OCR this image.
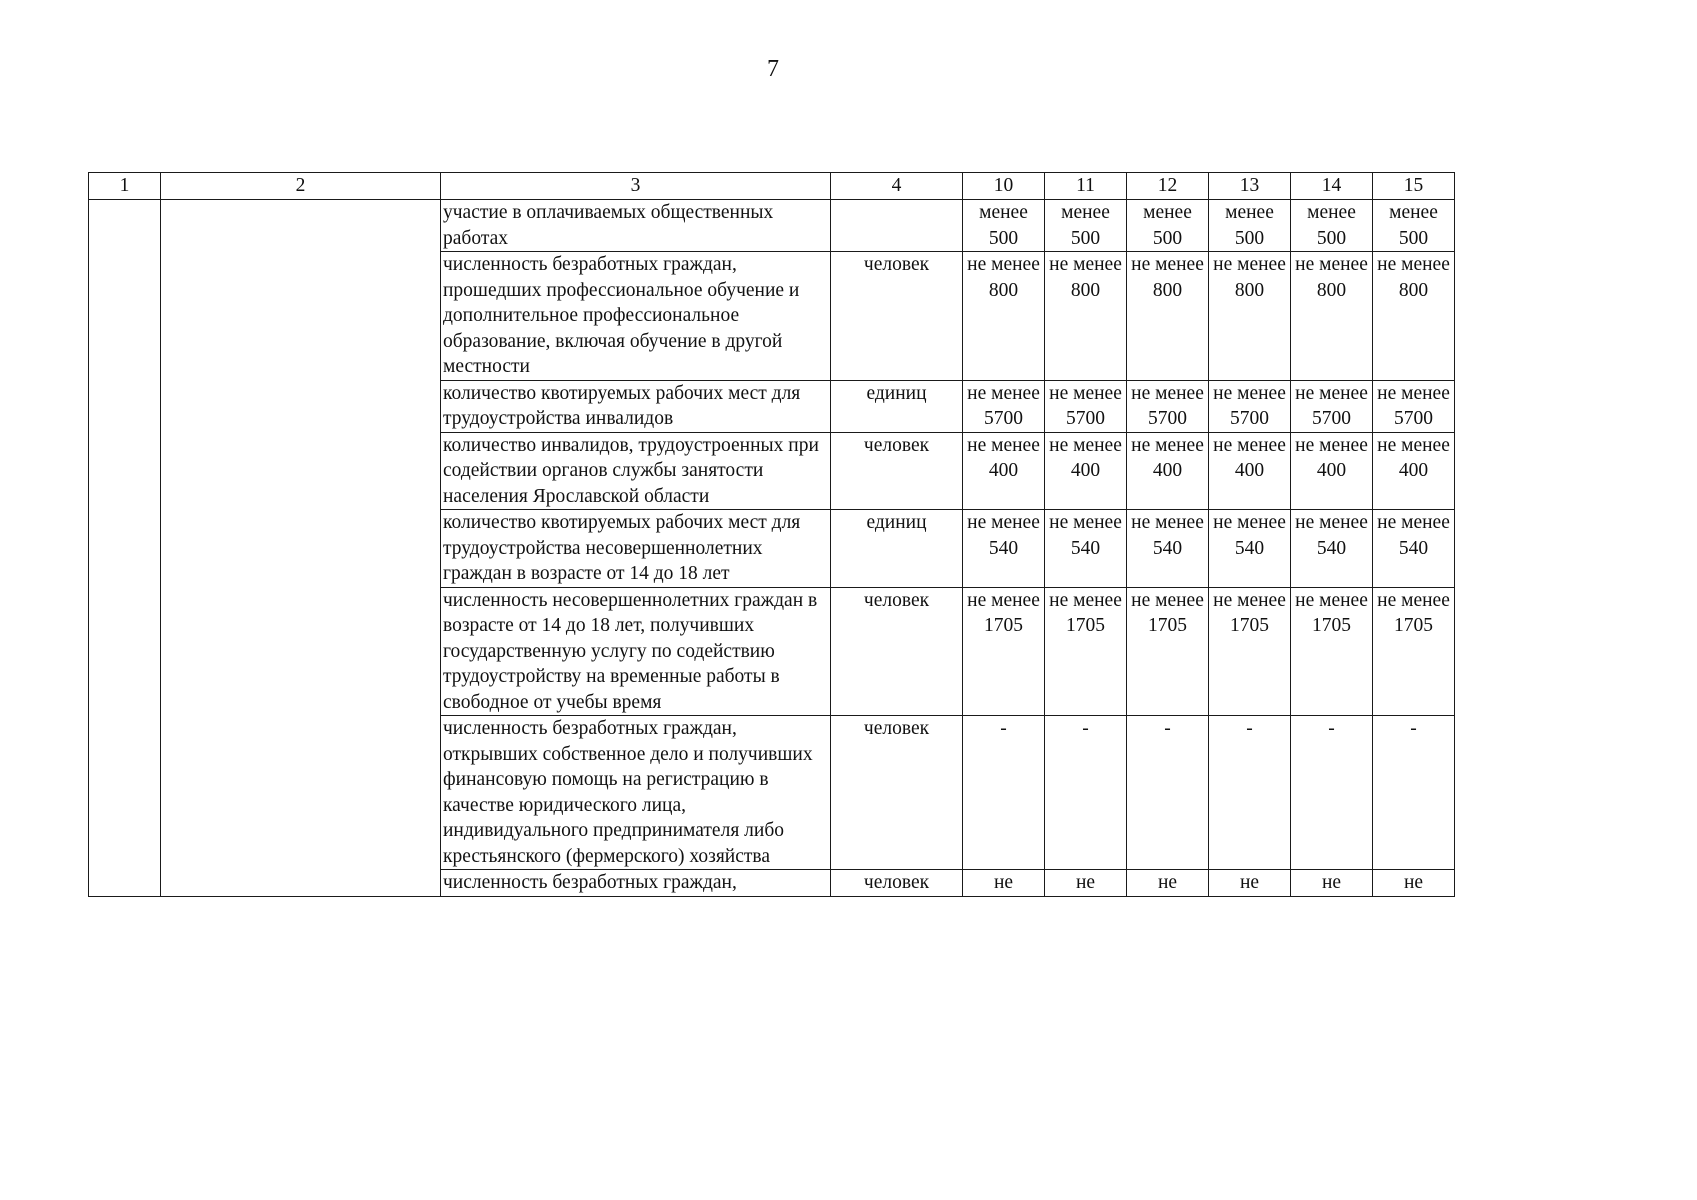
7
1	2	3	4	10	11	12	13	14	15
		участие в оплачиваемых общественных работах		менее 500	менее 500	менее 500	менее 500	менее 500	менее 500
		численность безработных граждан, прошедших профессиональное обучение и дополнительное профессиональное образование, включая обучение в другой местности	человек	не менее 800	не менее 800	не менее 800	не менее 800	не менее 800	не менее 800
		количество квотируемых рабочих мест для трудоустройства инвалидов	единиц	не менее 5700	не менее 5700	не менее 5700	не менее 5700	не менее 5700	не менее 5700
		количество инвалидов, трудоустроенных при содействии органов службы занятости населения Ярославской области	человек	не менее 400	не менее 400	не менее 400	не менее 400	не менее 400	не менее 400
		количество квотируемых рабочих мест для трудоустройства несовершеннолетних граждан в возрасте от 14 до 18 лет	единиц	не менее 540	не менее 540	не менее 540	не менее 540	не менее 540	не менее 540
		численность несовершеннолетних граждан в возрасте от 14 до 18 лет, получивших государственную услугу по содействию трудоустройству на временные работы в свободное от учебы время	человек	не менее 1705	не менее 1705	не менее 1705	не менее 1705	не менее 1705	не менее 1705
		численность безработных граждан, открывших собственное дело и получивших финансовую помощь на регистрацию в качестве юридического лица, индивидуального предпринимателя либо крестьянского (фермерского) хозяйства	человек	-	-	-	-	-	-
		численность безработных граждан,	человек	не	не	не	не	не	не
